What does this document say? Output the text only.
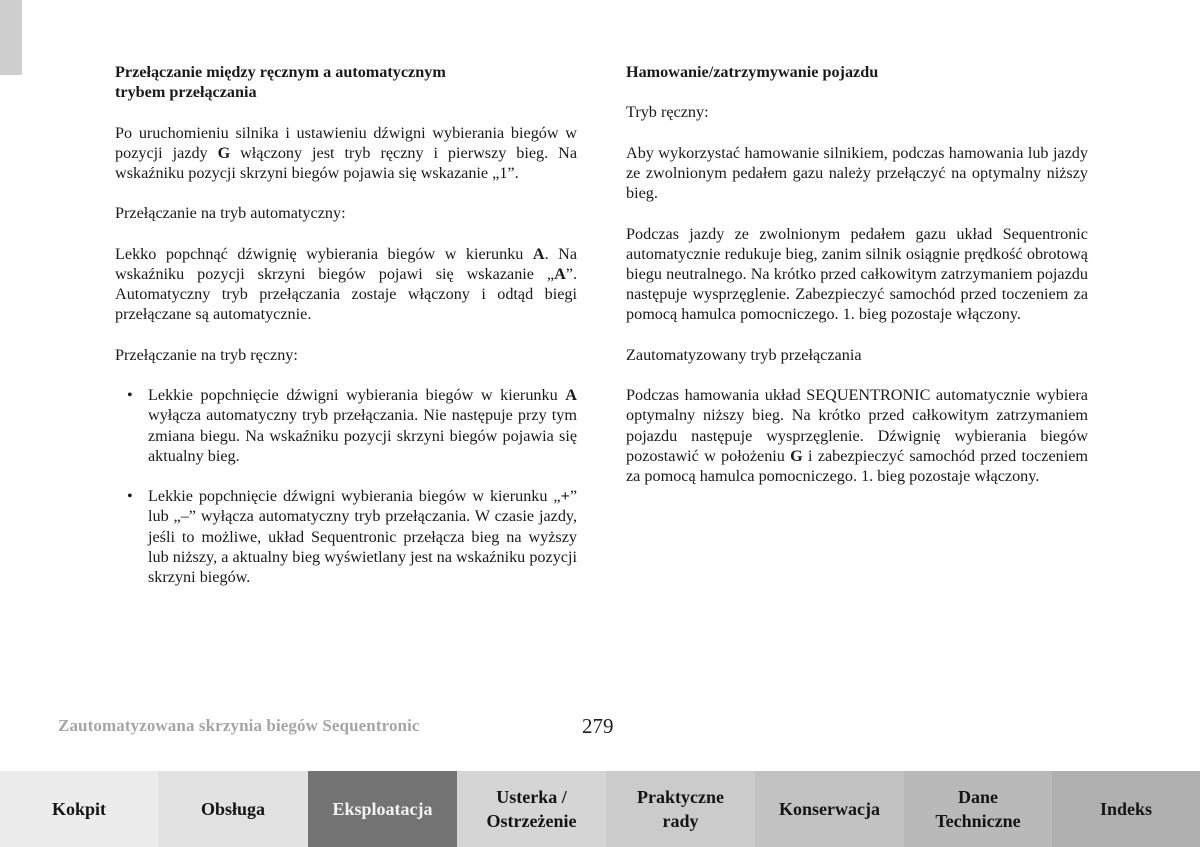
Przełączanie między ręcznym a automatycznym
trybem przełączania

Po uruchomieniu silnika i ustawieniu dźwigni wybierania biegów w pozycji jazdy G włączony jest tryb ręczny i pierwszy bieg. Na wskaźniku pozycji skrzyni biegów pojawia się wskazanie „1”.

Przełączanie na tryb automatyczny:

Lekko popchnąć dźwignię wybierania biegów w kierunku A. Na wskaźniku pozycji skrzyni biegów pojawi się wskazanie „A”. Automatyczny tryb przełączania zostaje włączony i odtąd biegi przełączane są automatycznie.

Przełączanie na tryb ręczny:

• Lekkie popchnięcie dźwigni wybierania biegów w kierunku A wyłącza automatyczny tryb przełączania. Nie następuje przy tym zmiana biegu. Na wskaźniku pozycji skrzyni biegów pojawia się aktualny bieg.
• Lekkie popchnięcie dźwigni wybierania biegów w kierunku „+” lub „–” wyłącza automatyczny tryb przełączania. W czasie jazdy, jeśli to możliwe, układ Sequentronic przełącza bieg na wyższy lub niższy, a aktualny bieg wyświetlany jest na wskaźniku pozycji skrzyni biegów.
Hamowanie/zatrzymywanie pojazdu

Tryb ręczny:

Aby wykorzystać hamowanie silnikiem, podczas hamowania lub jazdy ze zwolnionym pedałem gazu należy przełączyć na optymalny niższy bieg.

Podczas jazdy ze zwolnionym pedałem gazu układ Sequentronic automatycznie redukuje bieg, zanim silnik osiągnie prędkość obrotową biegu neutralnego. Na krótko przed całkowitym zatrzymaniem pojazdu następuje wysprzęglenie. Zabezpieczyć samochód przed toczeniem za pomocą hamulca pomocniczego. 1. bieg pozostaje włączony.

Zautomatyzowany tryb przełączania

Podczas hamowania układ SEQUENTRONIC automatycznie wybiera optymalny niższy bieg. Na krótko przed całkowitym zatrzymaniem pojazdu następuje wysprzęglenie. Dźwignię wybierania biegów pozostawić w położeniu G i zabezpieczyć samochód przed toczeniem za pomocą hamulca pomocniczego. 1. bieg pozostaje włączony.

Zautomatyzowana skrzynia biegów Sequentronic	279
Kokpit	Obsługa	Eksploatacja
Usterka /
Ostrzeżenie
Praktyczne
rady
Konserwacja
Dane
Techniczne
Indeks
